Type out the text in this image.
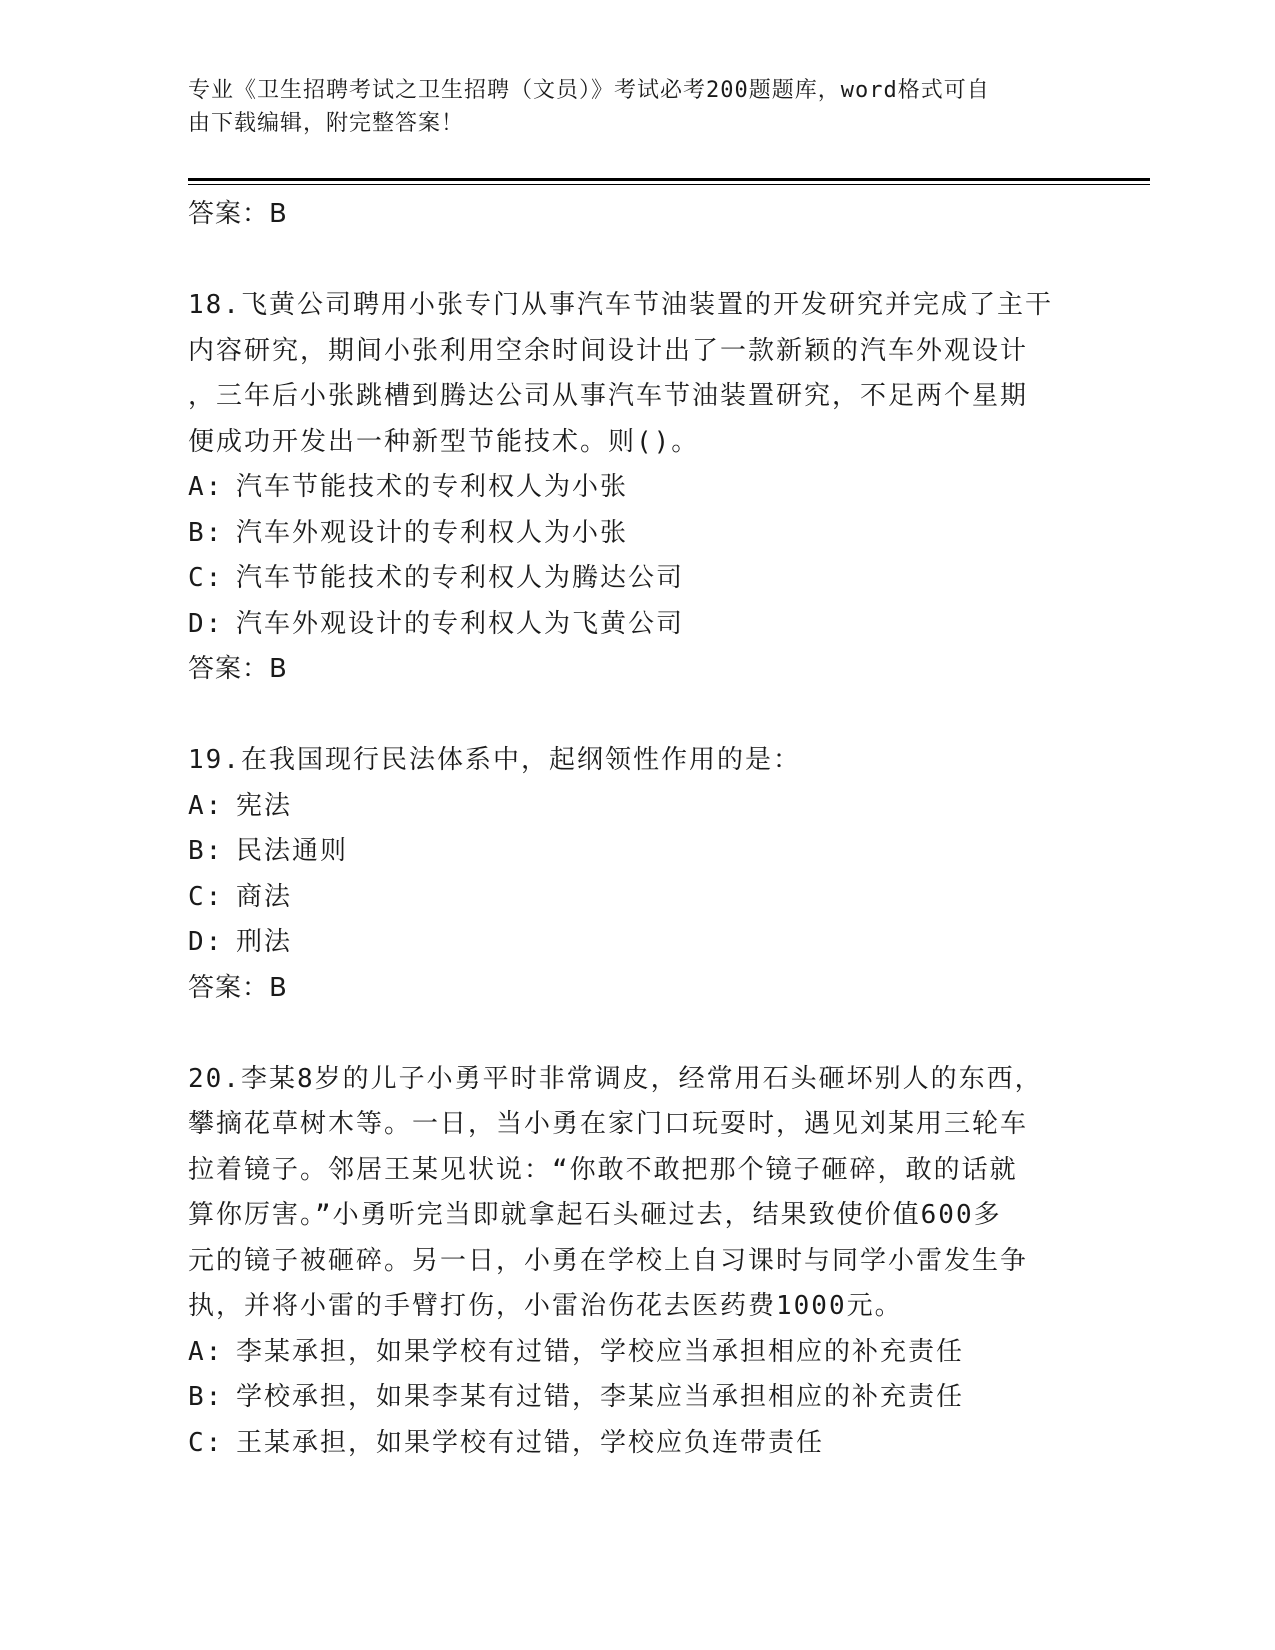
专业《卫生招聘考试之卫生招聘（文员）》考试必考200题题库，word格式可自
由下载编辑，附完整答案！
答案：B
18.飞黄公司聘用小张专门从事汽车节油装置的开发研究并完成了主干
内容研究，期间小张利用空余时间设计出了一款新颖的汽车外观设计
，三年后小张跳槽到腾达公司从事汽车节油装置研究，不足两个星期
便成功开发出一种新型节能技术。则()。
A: 汽车节能技术的专利权人为小张
B: 汽车外观设计的专利权人为小张
C: 汽车节能技术的专利权人为腾达公司
D: 汽车外观设计的专利权人为飞黄公司
答案：B
19.在我国现行民法体系中，起纲领性作用的是：
A: 宪法
B: 民法通则
C: 商法
D: 刑法
答案：B
20.李某8岁的儿子小勇平时非常调皮，经常用石头砸坏别人的东西，
攀摘花草树木等。一日，当小勇在家门口玩耍时，遇见刘某用三轮车
拉着镜子。邻居王某见状说：“你敢不敢把那个镜子砸碎，敢的话就
算你厉害。”小勇听完当即就拿起石头砸过去，结果致使价值600多
元的镜子被砸碎。另一日，小勇在学校上自习课时与同学小雷发生争
执，并将小雷的手臂打伤，小雷治伤花去医药费1000元。
A: 李某承担，如果学校有过错，学校应当承担相应的补充责任
B: 学校承担，如果李某有过错，李某应当承担相应的补充责任
C: 王某承担，如果学校有过错，学校应负连带责任
